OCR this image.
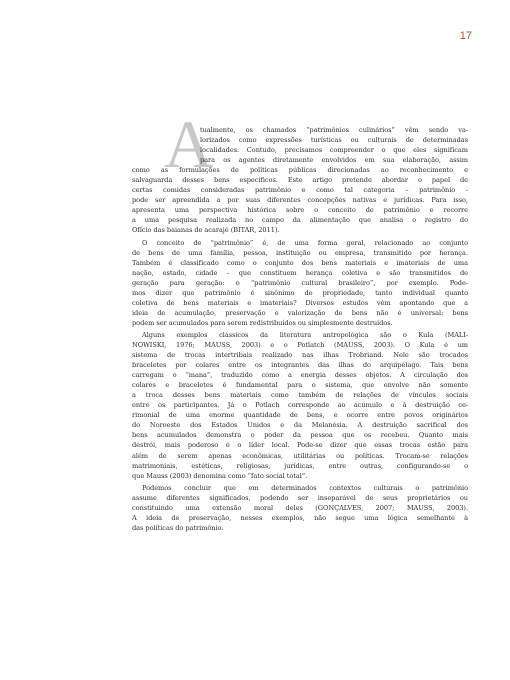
17
A
tualmente, os chamados “patrimônios culinários” vêm sendo va-
lorizados como expressões turísticas ou culturais de determinadas
localidades. Contudo, precisamos compreender o que eles significam
para os agentes diretamente envolvidos em sua elaboração, assim
como as formulações de políticas públicas direcionadas ao reconhecimento e
salvaguarda desses bens específicos. Este artigo pretende abordar o papel de
certas comidas consideradas patrimônio e como tal categoria – patrimônio -
pode ser apreendida a por suas diferentes concepções nativas e jurídicas. Para isso,
apresenta uma perspectiva histórica sobre o conceito de patrimônio e recorre
a uma pesquisa realizada no campo da alimentação que analisa o registro do
Ofício das baianas de acarajé (BITAR, 2011).
O conceito de “patrimônio” é, de uma forma geral, relacionado ao conjunto
de bens de uma família, pessoa, instituição ou empresa, transmitido por herança.
Também é classificado como o conjunto dos bens materiais e imateriais de uma
nação, estado, cidade – que constituem herança coletiva e são transmitidos de
geração para geração: o “patrimônio cultural brasileiro”, por exemplo. Pode-
mos dizer que patrimônio é sinônimo de propriedade, tanto individual quanto
coletiva de bens materiais e imateriais? Diversos estudos vêm apontando que a
ideia de acumulação, preservação e valorização de bens não é universal: bens
podem ser acumulados para serem redistribuídos ou simplesmente destruídos.
Alguns exemplos clássicos da literatura antropológica são o Kula (MALI-
NOWISKI, 1976; MAUSS, 2003) e o Potlatch (MAUSS, 2003). O Kula é um
sistema de trocas intertribais realizado nas ilhas Trobriand. Nele são trocados
braceletes por colares entre os integrantes das ilhas do arquipélago. Tais bens
carregam o “mana”, traduzido como a energia desses objetos. A circulação dos
colares e braceletes é fundamental para o sistema, que envolve não somente
a troca desses bens materiais como também de relações de vínculos sociais
entre os participantes. Já o Potlach corresponde ao acúmulo e à destruição ce-
rimonial de uma enorme quantidade de bens, e ocorre entre povos originários
do Noroeste dos Estados Unidos e da Melanésia. A destruição sacrifical dos
bens acumulados demonstra o poder da pessoa que os recebeu. Quanto mais
destrói, mais poderoso é o líder local. Pode-se dizer que essas trocas estão para
além de serem apenas econômicas, utilitárias ou políticas. Trocam-se relações
matrimoniais, estéticas, religiosas, jurídicas, entre outras, configurando-se o
que Mauss (2003) denomina como “fato social total”.
Podemos concluir que em determinados contextos culturais o patrimônio
assume diferentes significados, podendo ser inseparável de seus proprietários ou
constituindo uma extensão moral deles (GONÇALVES, 2007; MAUSS, 2003).
A ideia de preservação, nesses exemplos, não segue uma lógica semelhante à
das políticas do patrimônio.
